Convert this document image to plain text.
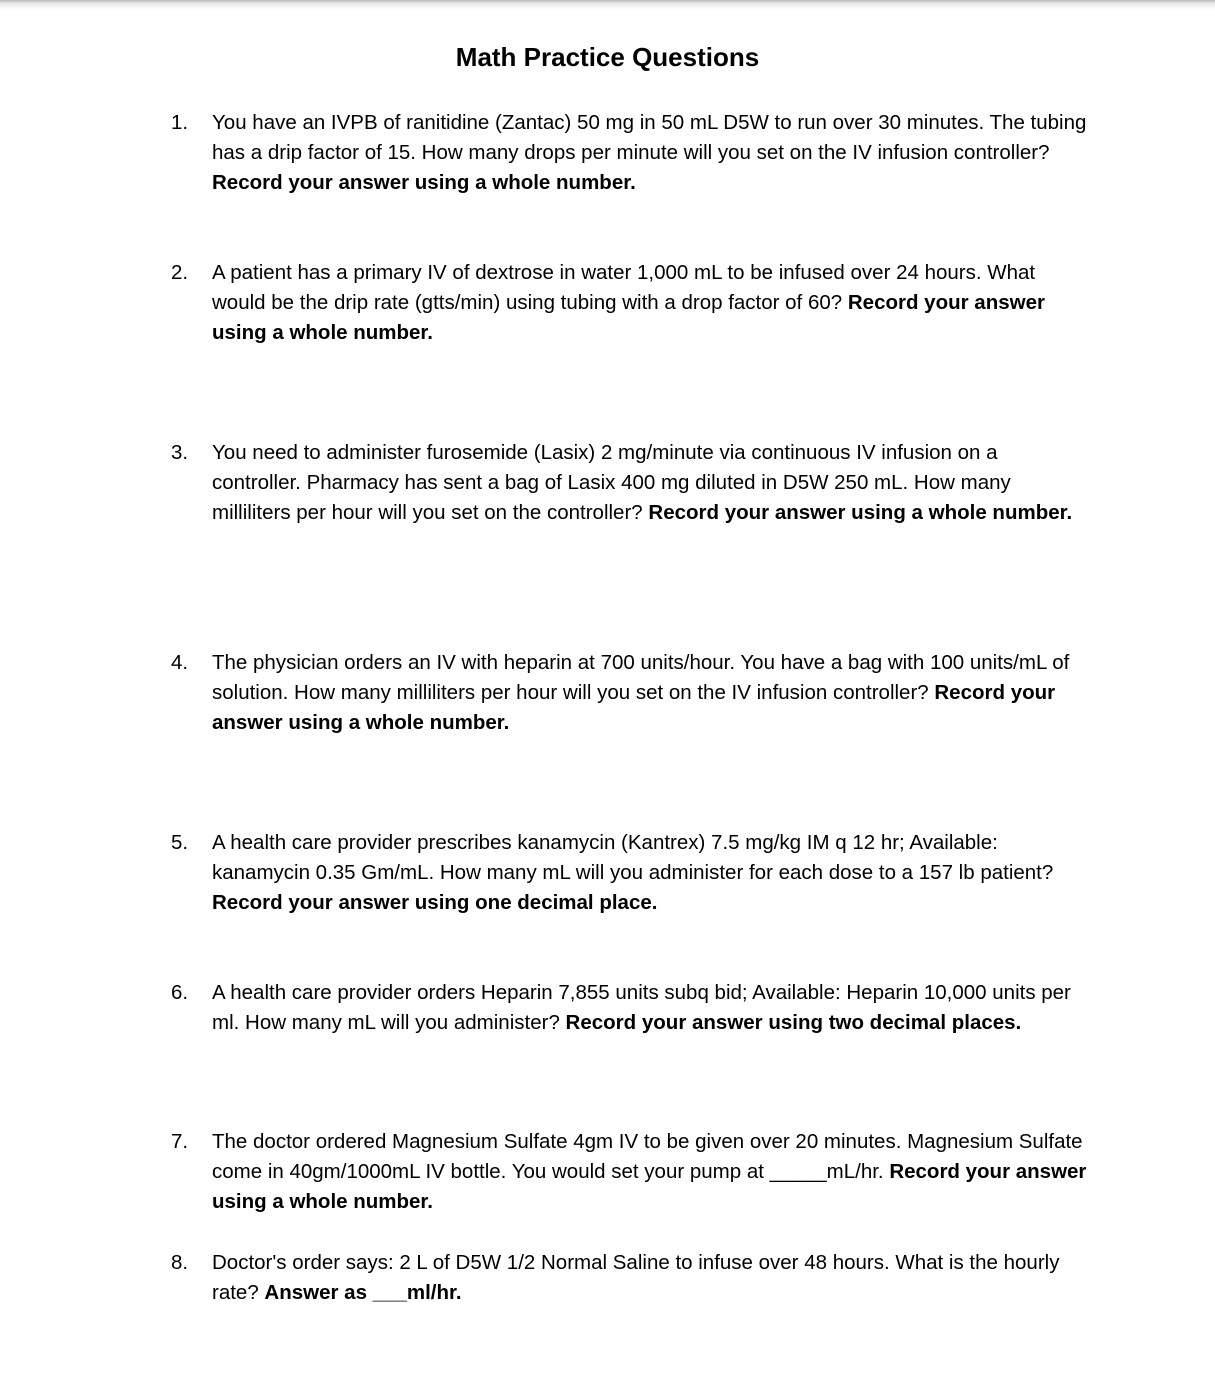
Math Practice Questions
1.	You have an IVPB of ranitidine (Zantac) 50 mg in 50 mL D5W to run over 30 minutes. The tubing has a drip factor of 15. How many drops per minute will you set on the IV infusion controller? Record your answer using a whole number.
2.	A patient has a primary IV of dextrose in water 1,000 mL to be infused over 24 hours. What would be the drip rate (gtts/min) using tubing with a drop factor of 60? Record your answer using a whole number.
3.	You need to administer furosemide (Lasix) 2 mg/minute via continuous IV infusion on a controller. Pharmacy has sent a bag of Lasix 400 mg diluted in D5W 250 mL. How many milliliters per hour will you set on the controller? Record your answer using a whole number.
4.	The physician orders an IV with heparin at 700 units/hour. You have a bag with 100 units/mL of solution. How many milliliters per hour will you set on the IV infusion controller? Record your answer using a whole number.
5.	A health care provider prescribes kanamycin (Kantrex) 7.5 mg/kg IM q 12 hr; Available: kanamycin 0.35 Gm/mL. How many mL will you administer for each dose to a 157 lb patient? Record your answer using one decimal place.
6.	A health care provider orders Heparin 7,855 units subq bid; Available: Heparin 10,000 units per ml. How many mL will you administer? Record your answer using two decimal places.
7.	The doctor ordered Magnesium Sulfate 4gm IV to be given over 20 minutes. Magnesium Sulfate come in 40gm/1000mL IV bottle. You would set your pump at _____mL/hr. Record your answer using a whole number.
8.	Doctor's order says: 2 L of D5W 1/2 Normal Saline to infuse over 48 hours. What is the hourly rate? Answer as ___ml/hr.
